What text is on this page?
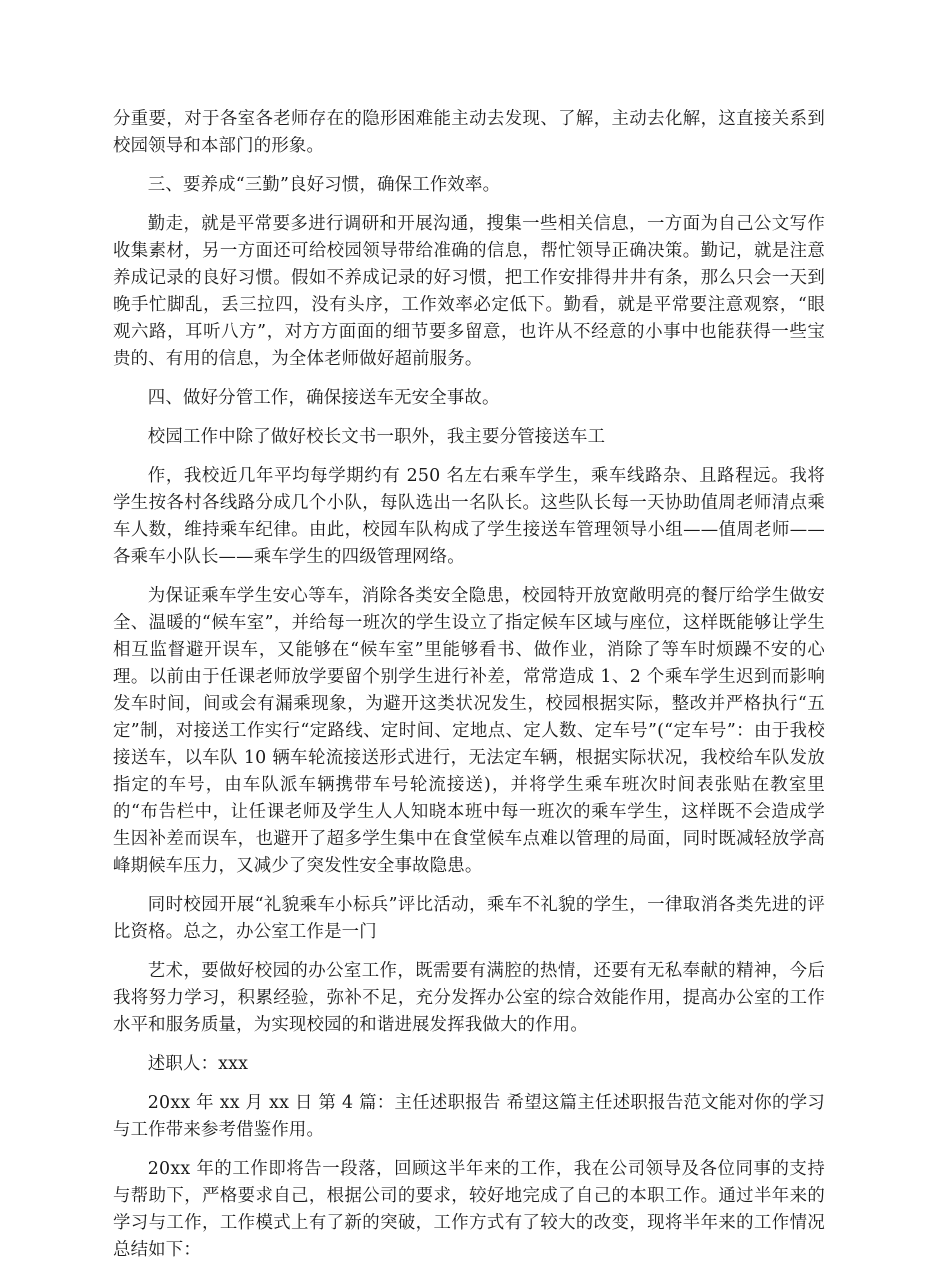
分重要，对于各室各老师存在的隐形困难能主动去发现、了解，主动去化解，这直接关系到校园领导和本部门的形象。

三、要养成“三勤”良好习惯，确保工作效率。

勤走，就是平常要多进行调研和开展沟通，搜集一些相关信息，一方面为自己公文写作收集素材，另一方面还可给校园领导带给准确的信息，帮忙领导正确决策。勤记，就是注意养成记录的良好习惯。假如不养成记录的好习惯，把工作安排得井井有条，那么只会一天到晚手忙脚乱，丢三拉四，没有头序，工作效率必定低下。勤看，就是平常要注意观察，“眼观六路，耳听八方”，对方方面面的细节要多留意，也许从不经意的小事中也能获得一些宝贵的、有用的信息，为全体老师做好超前服务。

四、做好分管工作，确保接送车无安全事故。

校园工作中除了做好校长文书一职外，我主要分管接送车工

作，我校近几年平均每学期约有 250 名左右乘车学生，乘车线路杂、且路程远。我将学生按各村各线路分成几个小队，每队选出一名队长。这些队长每一天协助值周老师清点乘车人数，维持乘车纪律。由此，校园车队构成了学生接送车管理领导小组——值周老师——各乘车小队长——乘车学生的四级管理网络。

为保证乘车学生安心等车，消除各类安全隐患，校园特开放宽敞明亮的餐厅给学生做安全、温暖的“候车室”，并给每一班次的学生设立了指定候车区域与座位，这样既能够让学生相互监督避开误车，又能够在“候车室”里能够看书、做作业，消除了等车时烦躁不安的心理。以前由于任课老师放学要留个别学生进行补差，常常造成 1、2 个乘车学生迟到而影响发车时间，间或会有漏乘现象，为避开这类状况发生，校园根据实际，整改并严格执行“五定”制，对接送工作实行“定路线、定时间、定地点、定人数、定车号”(“定车号”：由于我校接送车，以车队 10 辆车轮流接送形式进行，无法定车辆，根据实际状况，我校给车队发放指定的车号，由车队派车辆携带车号轮流接送)，并将学生乘车班次时间表张贴在教室里的“布告栏中，让任课老师及学生人人知晓本班中每一班次的乘车学生，这样既不会造成学生因补差而误车，也避开了超多学生集中在食堂候车点难以管理的局面，同时既减轻放学高峰期候车压力，又减少了突发性安全事故隐患。

同时校园开展“礼貌乘车小标兵”评比活动，乘车不礼貌的学生，一律取消各类先进的评比资格。总之，办公室工作是一门

艺术，要做好校园的办公室工作，既需要有满腔的热情，还要有无私奉献的精神，今后我将努力学习，积累经验，弥补不足，充分发挥办公室的综合效能作用，提高办公室的工作水平和服务质量，为实现校园的和谐进展发挥我做大的作用。

述职人：xxx

20xx 年 xx 月 xx 日 第 4 篇：主任述职报告 希望这篇主任述职报告范文能对你的学习与工作带来参考借鉴作用。

20xx 年的工作即将告一段落，回顾这半年来的工作，我在公司领导及各位同事的支持与帮助下，严格要求自己，根据公司的要求，较好地完成了自己的本职工作。通过半年来的学习与工作，工作模式上有了新的突破，工作方式有了较大的改变，现将半年来的工作情况总结如下：
